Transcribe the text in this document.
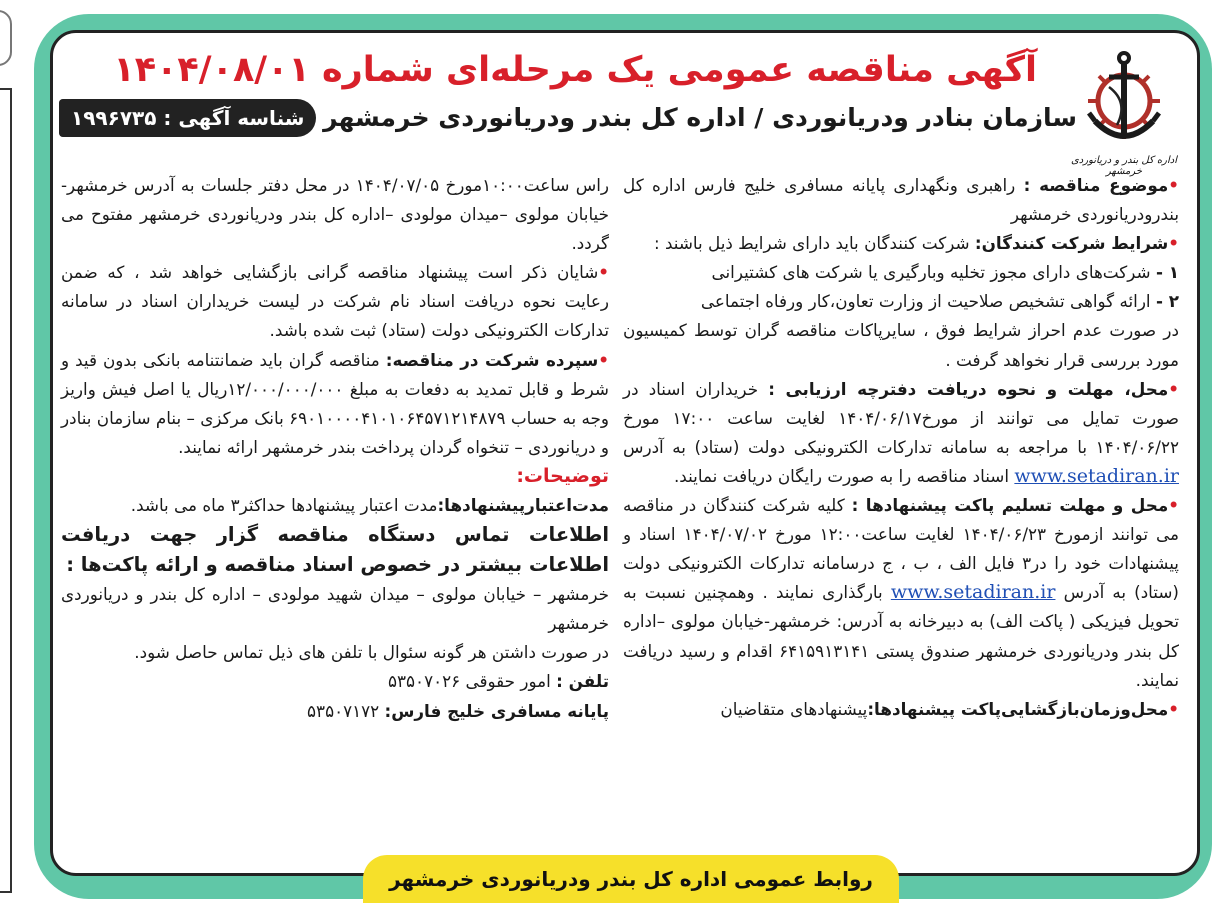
اداره کل بندر و دریانوردی خرمشهر
آگهی مناقصه عمومی یک مرحله‌ای شماره ۱۴۰۴/۰۸/۰۱
سازمان بنادر ودریانوردی / اداره کل بندر ودریانوردی خرمشهر
شناسه آگهی : ۱۹۹۶۷۳۵

•موضوع مناقصه : راهبری ونگهداری پایانه مسافری خلیج فارس اداره کل بندرودریانوردی خرمشهر

•شرایط شرکت کنندگان: شرکت کنندگان باید دارای شرایط ذیل باشند :

۱ - شرکت‌های دارای مجوز تخلیه وبارگیری یا شرکت های کشتیرانی

۲ - ارائه گواهی تشخیص صلاحیت از وزارت تعاون،کار ورفاه اجتماعی

در صورت عدم احراز شرایط فوق ، سایرپاکات مناقصه گران توسط کمیسیون مورد بررسی قرار نخواهد گرفت .

•محل، مهلت و نحوه دریافت دفترچه ارزیابی : خریداران اسناد در صورت تمایل می توانند از مورخ۱۴۰۴/۰۶/۱۷ لغایت ساعت ۱۷:۰۰ مورخ ۱۴۰۴/۰۶/۲۲ با مراجعه به سامانه تدارکات الکترونیکی دولت (ستاد) به آدرس www.setadiran.ir اسناد مناقصه را به صورت رایگان دریافت نمایند.

•محل و مهلت تسلیم پاکت پیشنهادها : کلیه شرکت کنندگان در مناقصه می توانند ازمورخ ۱۴۰۴/۰۶/۲۳ لغایت ساعت۱۲:۰۰ مورخ ۱۴۰۴/۰۷/۰۲ اسناد و پیشنهادات خود را در۳ فایل الف ، ب ، ج درسامانه تدارکات الکترونیکی دولت (ستاد) به آدرس www.setadiran.ir بارگذاری نمایند . وهمچنین نسبت به تحویل فیزیکی ( پاکت الف) به دبیرخانه به آدرس: خرمشهر-خیابان مولوی –اداره کل بندر ودریانوردی خرمشهر صندوق پستی ۶۴۱۵۹۱۳۱۴۱ اقدام و رسید دریافت نمایند.

•محل‌وزمان‌بازگشایی‌پاکت پیشنهادها:پیشنهادهای متقاضیان

راس ساعت۱۰:۰۰مورخ ۱۴۰۴/۰۷/۰۵ در محل دفتر جلسات به آدرس خرمشهر-خیابان مولوی –میدان مولودی –اداره کل بندر ودریانوردی خرمشهر مفتوح می گردد.

•شایان ذکر است پیشنهاد مناقصه گرانی بازگشایی خواهد شد ، که ضمن رعایت نحوه دریافت اسناد نام شرکت در لیست خریداران اسناد در سامانه تدارکات الکترونیکی دولت (ستاد) ثبت شده باشد.

•سپرده شرکت در مناقصه: مناقصه گران باید ضمانتنامه بانکی بدون قید و شرط و قابل تمدید به دفعات به مبلغ ۱۲/۰۰۰/۰۰۰/۰۰۰ریال یا اصل فیش واریز وجه به حساب ۶۹۰۱۰۰۰۰۴۱۰۱۰۶۴۵۷۱۲۱۴۸۷۹ بانک مرکزی – بنام سازمان بنادر و دریانوردی – تنخواه گردان پرداخت بندر خرمشهر ارائه نمایند.

توضیحات:

مدت‌اعتبارپیشنهادها:مدت اعتبار پیشنهادها حداکثر۳ ماه می باشد.

اطلاعات تماس دستگاه مناقصه گزار جهت دریافت اطلاعات بیشتر در خصوص اسناد مناقصه و ارائه پاکت‌ها :

خرمشهر – خیابان مولوی – میدان شهید مولودی – اداره کل بندر و دریانوردی خرمشهر

در صورت داشتن هر گونه سئوال با تلفن های ذیل تماس حاصل شود.

تلفن : امور حقوقی ۵۳۵۰۷۰۲۶

پایانه مسافری خلیج فارس: ۵۳۵۰۷۱۷۲

روابط عمومی اداره کل بندر ودریانوردی خرمشهر
